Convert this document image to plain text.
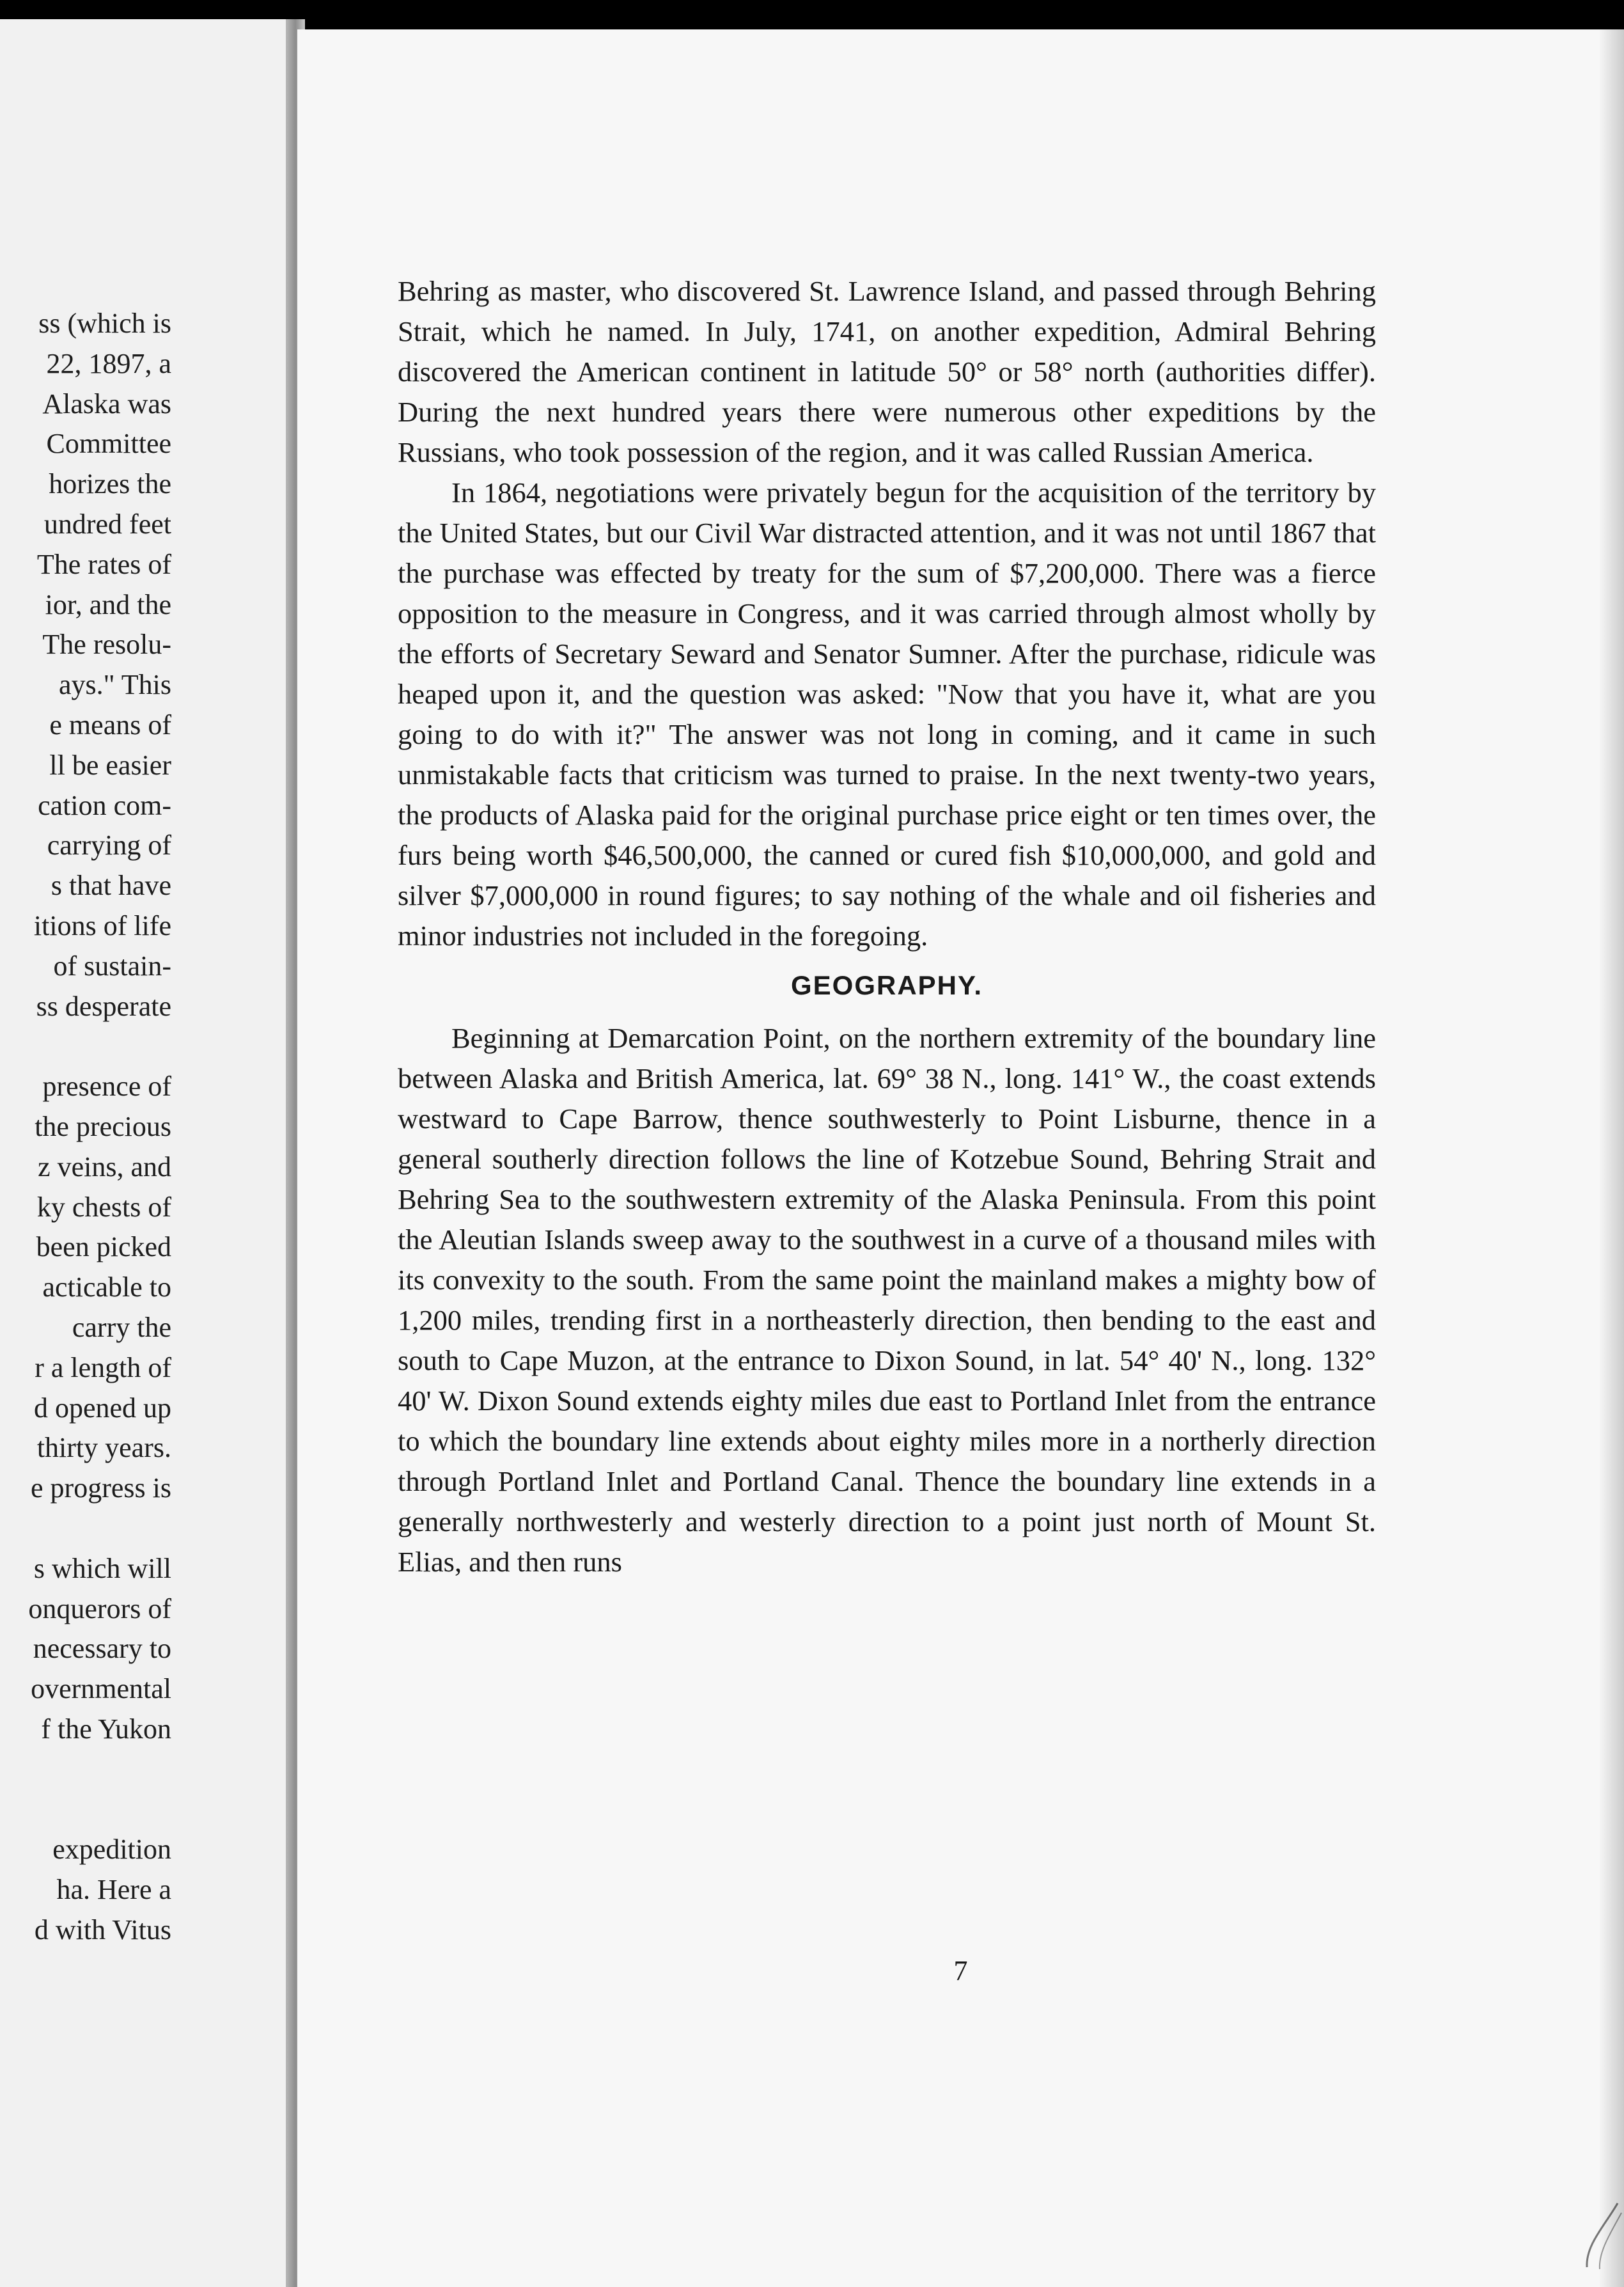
ss (which is
22, 1897, a
Alaska was
Committee
horizes the
undred feet
The rates of
ior, and the
The resolu-
ays." This
e means of
ll be easier
cation com-
carrying of
s that have
itions of life
of sustain-
ss desperate
presence of
the precious
z veins, and
ky chests of
been picked
acticable to
carry the
r a length of
d opened up
thirty years.
e progress is
s which will
onquerors of
necessary to
overnmental
f the Yukon
expedition
ha. Here a
d with Vitus

Behring as master, who discovered St. Lawrence Island, and passed through Behring Strait, which he named. In July, 1741, on another expedition, Admiral Behring discovered the American continent in latitude 50° or 58° north (authorities differ). During the next hundred years there were numerous other expeditions by the Russians, who took possession of the region, and it was called Russian America.

In 1864, negotiations were privately begun for the acquisition of the territory by the United States, but our Civil War distracted attention, and it was not until 1867 that the purchase was effected by treaty for the sum of $7,200,000. There was a fierce opposition to the measure in Congress, and it was carried through almost wholly by the efforts of Secretary Seward and Senator Sumner. After the purchase, ridicule was heaped upon it, and the question was asked: "Now that you have it, what are you going to do with it?" The answer was not long in coming, and it came in such unmistakable facts that criticism was turned to praise. In the next twenty-two years, the products of Alaska paid for the original purchase price eight or ten times over, the furs being worth $46,500,000, the canned or cured fish $10,000,000, and gold and silver $7,000,000 in round figures; to say nothing of the whale and oil fisheries and minor industries not included in the foregoing.

GEOGRAPHY.

Beginning at Demarcation Point, on the northern extremity of the boundary line between Alaska and British America, lat. 69° 38 N., long. 141° W., the coast extends westward to Cape Barrow, thence southwesterly to Point Lisburne, thence in a general southerly direction follows the line of Kotzebue Sound, Behring Strait and Behring Sea to the southwestern extremity of the Alaska Peninsula. From this point the Aleutian Islands sweep away to the southwest in a curve of a thousand miles with its convexity to the south. From the same point the mainland makes a mighty bow of 1,200 miles, trending first in a northeasterly direction, then bending to the east and south to Cape Muzon, at the entrance to Dixon Sound, in lat. 54° 40' N., long. 132° 40' W. Dixon Sound extends eighty miles due east to Portland Inlet from the entrance to which the boundary line extends about eighty miles more in a northerly direction through Portland Inlet and Portland Canal. Thence the boundary line extends in a generally northwesterly and westerly direction to a point just north of Mount St. Elias, and then runs

7
